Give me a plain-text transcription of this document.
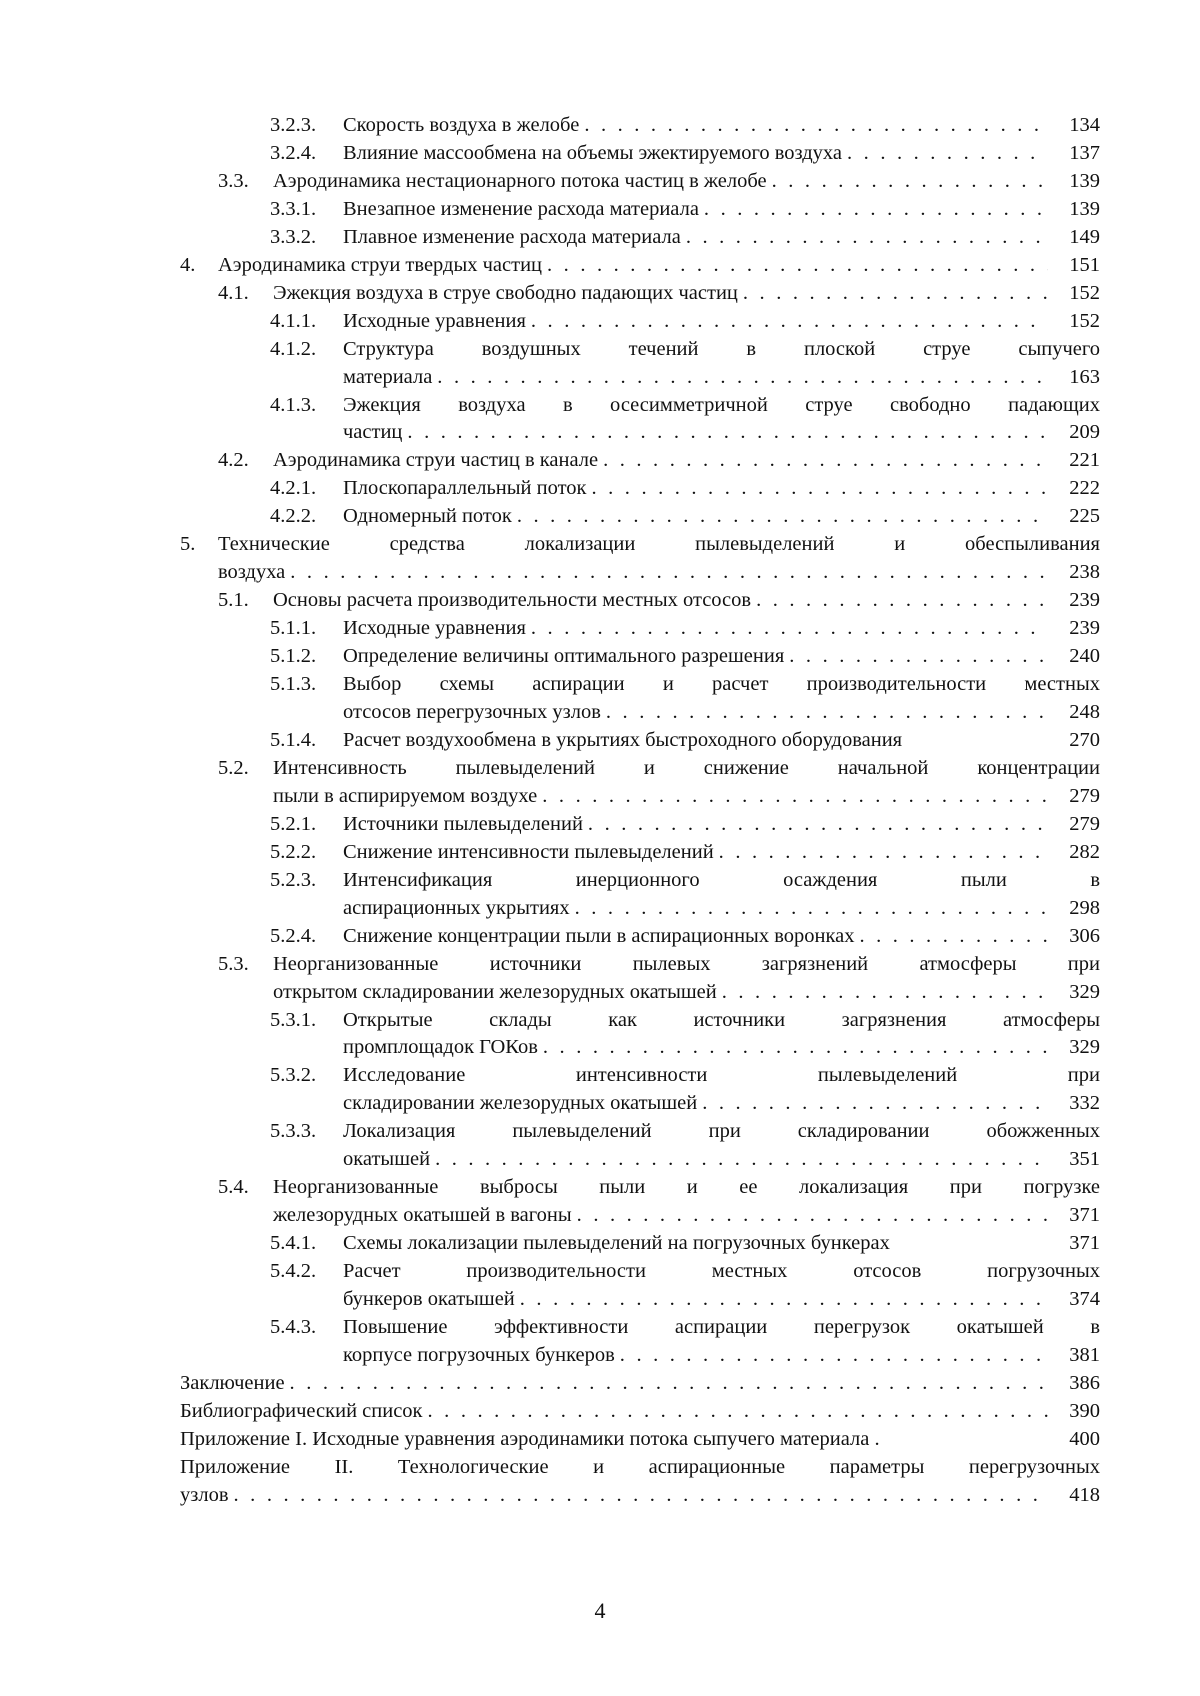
3.2.3.	Скорость воздуха в желобе . . .	134
3.2.4.	Влияние массообмена на объемы эжектируемого воздуха . . .	137
3.3.	Аэродинамика нестационарного потока частиц в желобе . . .	139
3.3.1.	Внезапное изменение расхода материала . . .	139
3.3.2.	Плавное изменение расхода материала . . .	149
4.	Аэродинамика струи твердых частиц . . .	151
4.1.	Эжекция воздуха в струе свободно падающих частиц . . .	152
4.1.1.	Исходные уравнения . . .	152
4.1.2.	Структура воздушных течений в плоской струе сыпучего
материала . . .	163
4.1.3.	Эжекция воздуха в осесимметричной струе свободно падающих
частиц . . .	209
4.2.	Аэродинамика струи частиц в канале . . .	221
4.2.1.	Плоскопараллельный поток . . .	222
4.2.2.	Одномерный поток . . .	225
5.	Технические средства локализации пылевыделений и обеспыливания
воздуха . . .	238
5.1.	Основы расчета производительности местных отсосов . . .	239
5.1.1.	Исходные уравнения . . .	239
5.1.2.	Определение величины оптимального разрешения . . .	240
5.1.3.	Выбор схемы аспирации и расчет производительности местных
отсосов перегрузочных узлов . . .	248
5.1.4.	Расчет воздухообмена в укрытиях быстроходного оборудования	270
5.2.	Интенсивность пылевыделений и снижение начальной концентрации
пыли в аспирируемом воздухе . . .	279
5.2.1.	Источники пылевыделений . . .	279
5.2.2.	Снижение интенсивности пылевыделений . . .	282
5.2.3.	Интенсификация инерционного осаждения пыли в
аспирационных укрытиях . . .	298
5.2.4.	Снижение концентрации пыли в аспирационных воронках . . .	306
5.3.	Неорганизованные источники пылевых загрязнений атмосферы при
открытом складировании железорудных окатышей . . .	329
5.3.1.	Открытые склады как источники загрязнения атмосферы
промплощадок ГОКов . . .	329
5.3.2.	Исследование интенсивности пылевыделений при
складировании железорудных окатышей . . .	332
5.3.3.	Локализация пылевыделений при складировании обожженных
окатышей . . .	351
5.4.	Неорганизованные выбросы пыли и ее локализация при погрузке
железорудных окатышей в вагоны . . .	371
5.4.1.	Схемы локализации пылевыделений на погрузочных бункерах	371
5.4.2.	Расчет производительности местных отсосов погрузочных
бункеров окатышей . . .	374
5.4.3.	Повышение эффективности аспирации перегрузок окатышей в
корпусе погрузочных бункеров . . .	381
Заключение . . .	386
Библиографический список . . .	390
Приложение I. Исходные уравнения аэродинамики потока сыпучего материала .	400
Приложение II. Технологические и аспирационные параметры перегрузочных
узлов . . .	418
4
